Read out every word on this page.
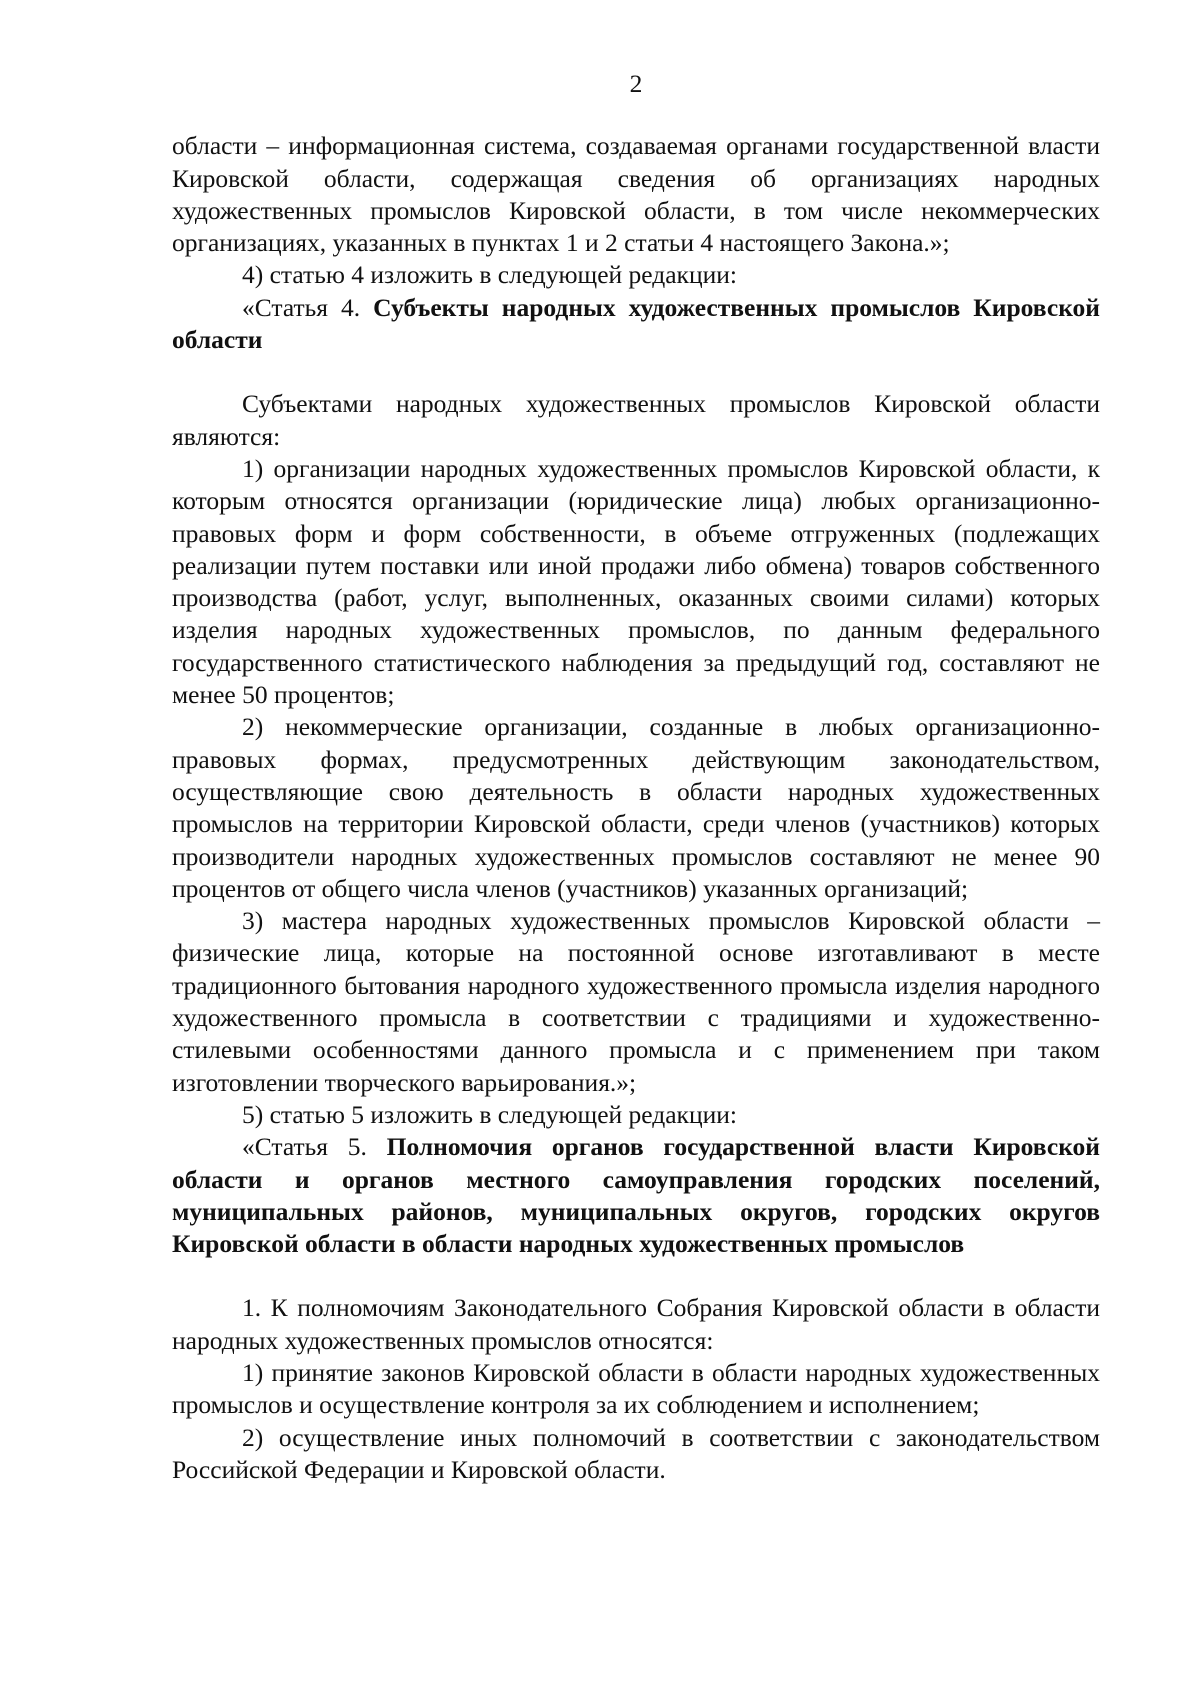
2

области – информационная система, создаваемая органами государственной власти Кировской области, содержащая сведения об организациях народных художественных промыслов Кировской области, в том числе некоммерческих организациях, указанных в пунктах 1 и 2 статьи 4 настоящего Закона.»;

4) статью 4 изложить в следующей редакции:

«Статья 4. Субъекты народных художественных промыслов Кировской области

Субъектами народных художественных промыслов Кировской области являются:

1) организации народных художественных промыслов Кировской области, к которым относятся организации (юридические лица) любых организационно-правовых форм и форм собственности, в объеме отгруженных (подлежащих реализации путем поставки или иной продажи либо обмена) товаров собственного производства (работ, услуг, выполненных, оказанных своими силами) которых изделия народных художественных промыслов, по данным федерального государственного статистического наблюдения за предыдущий год, составляют не менее 50 процентов;

2) некоммерческие организации, созданные в любых организационно-правовых формах, предусмотренных действующим законодательством, осуществляющие свою деятельность в области народных художественных промыслов на территории Кировской области, среди членов (участников) которых производители народных художественных промыслов составляют не менее 90 процентов от общего числа членов (участников) указанных организаций;

3) мастера народных художественных промыслов Кировской области – физические лица, которые на постоянной основе изготавливают в месте традиционного бытования народного художественного промысла изделия народного художественного промысла в соответствии с традициями и художественно-стилевыми особенностями данного промысла и с применением при таком изготовлении творческого варьирования.»;

5) статью 5 изложить в следующей редакции:

«Статья 5. Полномочия органов государственной власти Кировской области и органов местного самоуправления городских поселений, муниципальных районов, муниципальных округов, городских округов Кировской области в области народных художественных промыслов

1. К полномочиям Законодательного Собрания Кировской области в области народных художественных промыслов относятся:

1) принятие законов Кировской области в области народных художественных промыслов и осуществление контроля за их соблюдением и исполнением;

2) осуществление иных полномочий в соответствии с законодательством Российской Федерации и Кировской области.
